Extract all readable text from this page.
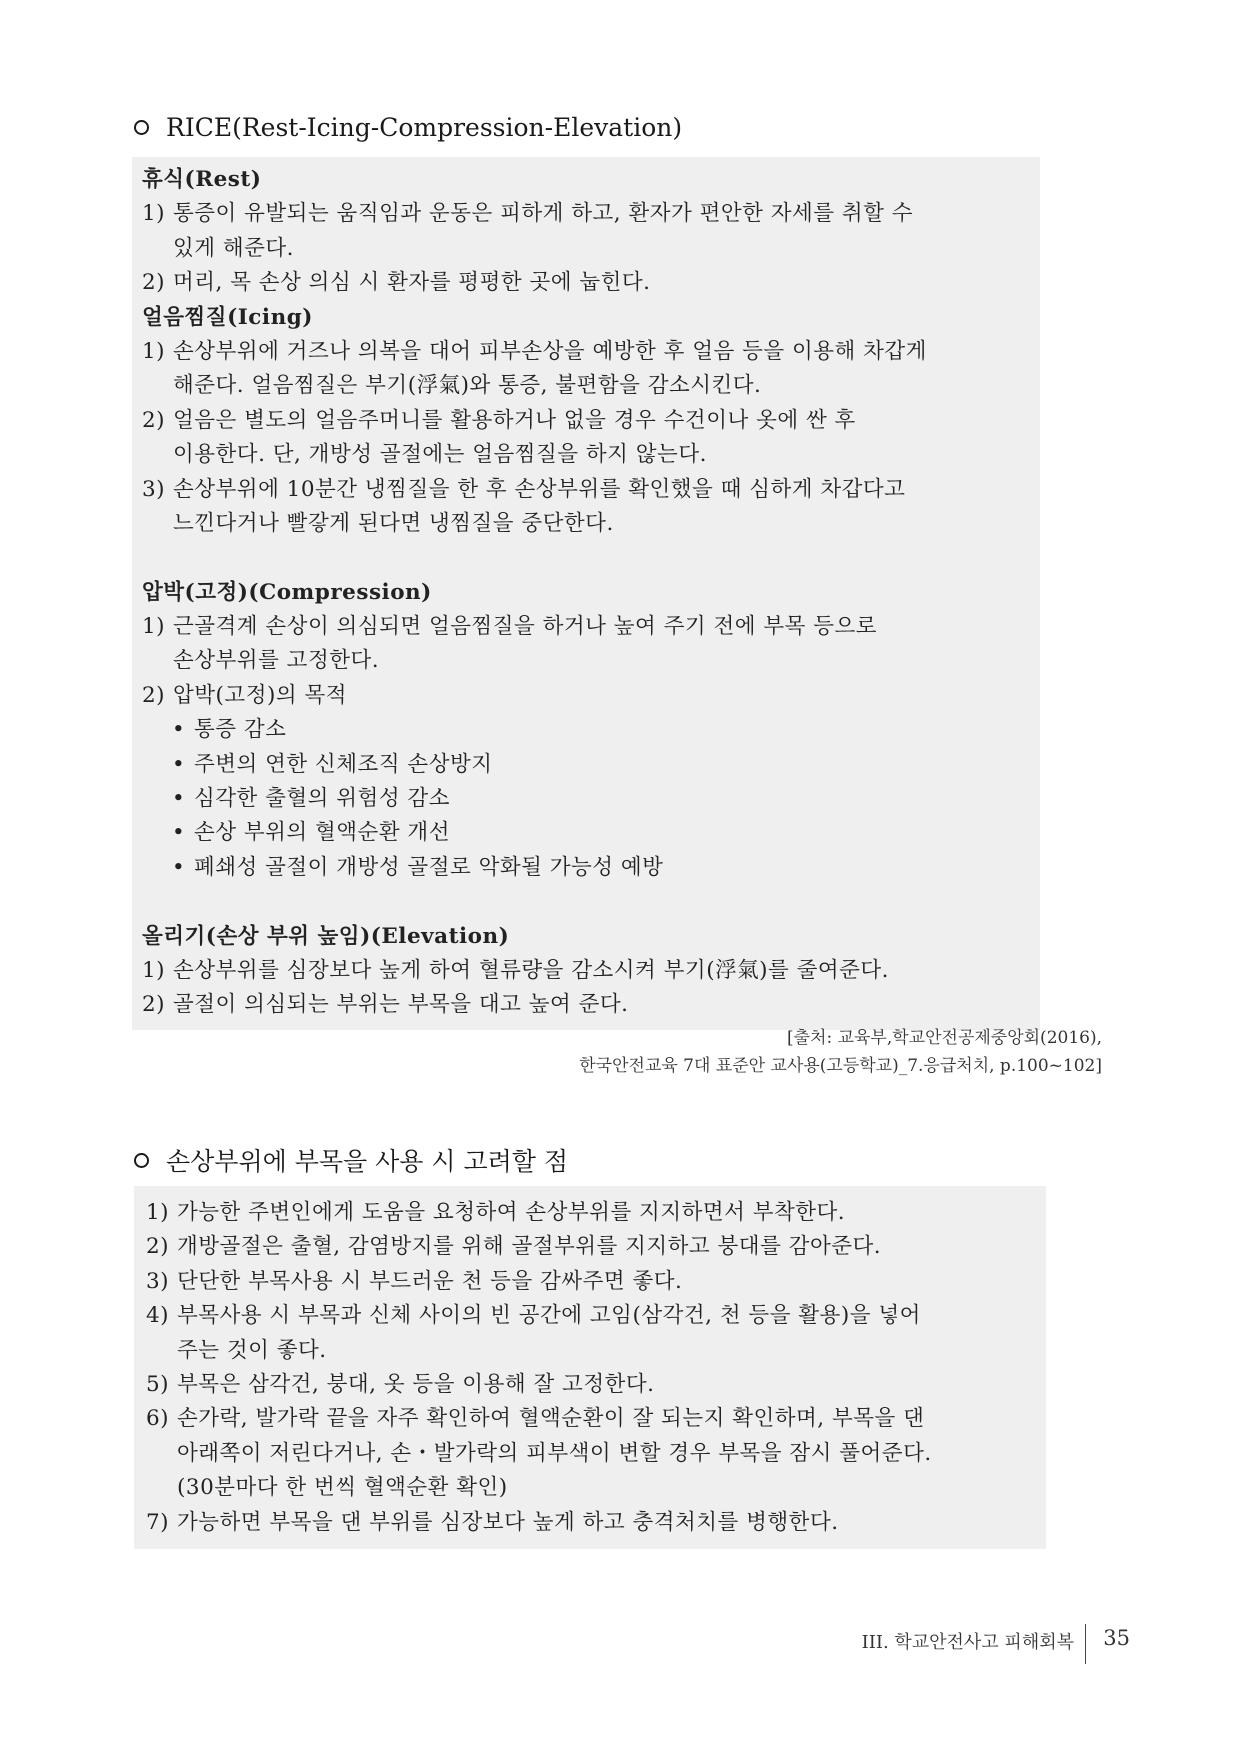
RICE(Rest-Icing-Compression-Elevation)
휴식(Rest)
1) 통증이 유발되는 움직임과 운동은 피하게 하고, 환자가 편안한 자세를 취할 수
있게 해준다.
2) 머리, 목 손상 의심 시 환자를 평평한 곳에 눕힌다.
얼음찜질(Icing)
1) 손상부위에 거즈나 의복을 대어 피부손상을 예방한 후 얼음 등을 이용해 차갑게
해준다. 얼음찜질은 부기(浮氣)와 통증, 불편함을 감소시킨다.
2) 얼음은 별도의 얼음주머니를 활용하거나 없을 경우 수건이나 옷에 싼 후
이용한다. 단, 개방성 골절에는 얼음찜질을 하지 않는다.
3) 손상부위에 10분간 냉찜질을 한 후 손상부위를 확인했을 때 심하게 차갑다고
느낀다거나 빨갛게 된다면 냉찜질을 중단한다.
압박(고정)(Compression)
1) 근골격계 손상이 의심되면 얼음찜질을 하거나 높여 주기 전에 부목 등으로
손상부위를 고정한다.
2) 압박(고정)의 목적
• 통증 감소
• 주변의 연한 신체조직 손상방지
• 심각한 출혈의 위험성 감소
• 손상 부위의 혈액순환 개선
• 폐쇄성 골절이 개방성 골절로 악화될 가능성 예방
올리기(손상 부위 높임)(Elevation)
1) 손상부위를 심장보다 높게 하여 혈류량을 감소시켜 부기(浮氣)를 줄여준다.
2) 골절이 의심되는 부위는 부목을 대고 높여 준다.
[출처: 교육부,학교안전공제중앙회(2016),
한국안전교육 7대 표준안 교사용(고등학교)_7.응급처치, p.100~102]
손상부위에 부목을 사용 시 고려할 점
1) 가능한 주변인에게 도움을 요청하여 손상부위를 지지하면서 부착한다.
2) 개방골절은 출혈, 감염방지를 위해 골절부위를 지지하고 붕대를 감아준다.
3) 단단한 부목사용 시 부드러운 천 등을 감싸주면 좋다.
4) 부목사용 시 부목과 신체 사이의 빈 공간에 고임(삼각건, 천 등을 활용)을 넣어
주는 것이 좋다.
5) 부목은 삼각건, 붕대, 옷 등을 이용해 잘 고정한다.
6) 손가락, 발가락 끝을 자주 확인하여 혈액순환이 잘 되는지 확인하며, 부목을 댄
아래쪽이 저린다거나, 손・발가락의 피부색이 변할 경우 부목을 잠시 풀어준다.
(30분마다 한 번씩 혈액순환 확인)
7) 가능하면 부목을 댄 부위를 심장보다 높게 하고 충격처치를 병행한다.
III. 학교안전사고 피해회복 35
